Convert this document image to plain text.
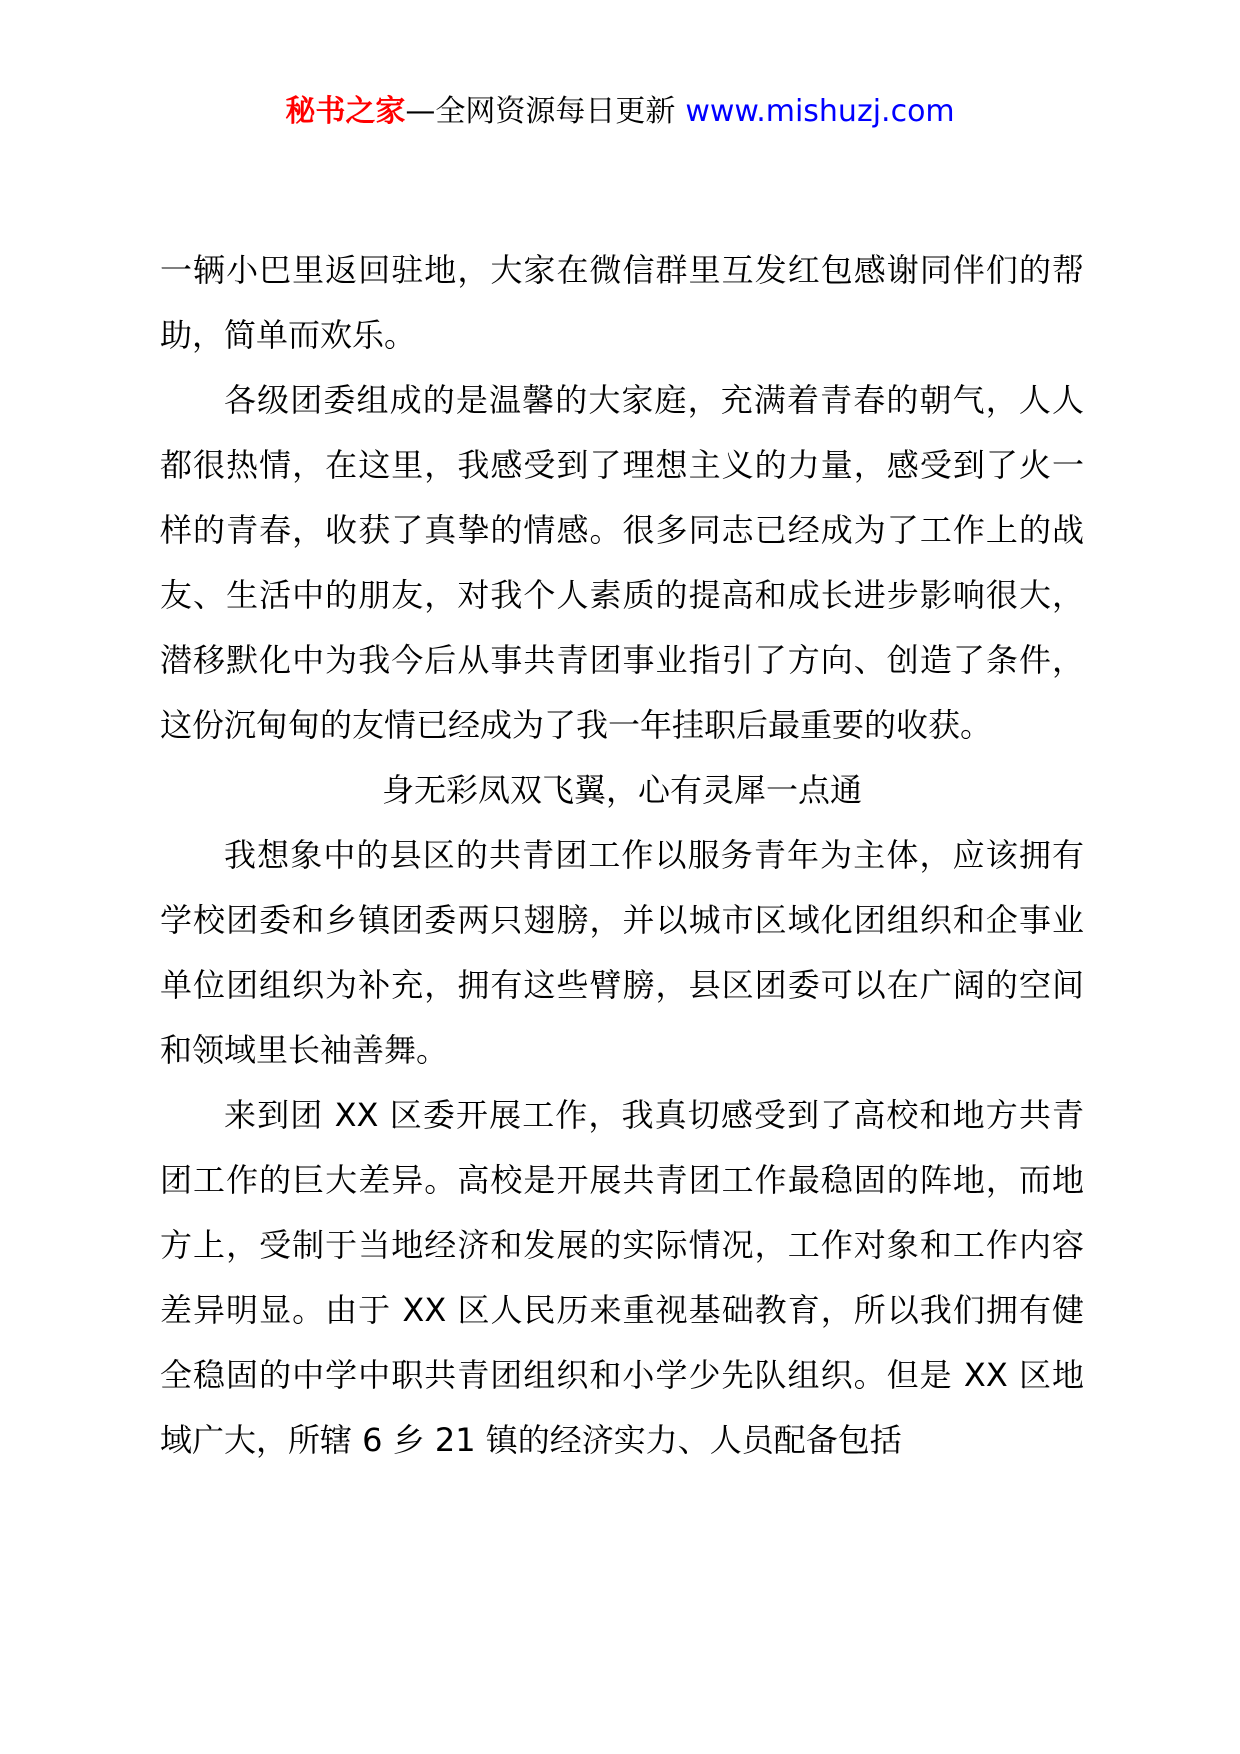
秘书之家—全网资源每日更新 www.mishuzj.com

一辆小巴里返回驻地，大家在微信群里互发红包感谢同伴们的帮助，简单而欢乐。

各级团委组成的是温馨的大家庭，充满着青春的朝气，人人都很热情，在这里，我感受到了理想主义的力量，感受到了火一样的青春，收获了真挚的情感。很多同志已经成为了工作上的战友、生活中的朋友，对我个人素质的提高和成长进步影响很大，潜移默化中为我今后从事共青团事业指引了方向、创造了条件，这份沉甸甸的友情已经成为了我一年挂职后最重要的收获。

身无彩凤双飞翼，心有灵犀一点通

我想象中的县区的共青团工作以服务青年为主体，应该拥有学校团委和乡镇团委两只翅膀，并以城市区域化团组织和企事业单位团组织为补充，拥有这些臂膀，县区团委可以在广阔的空间和领域里长袖善舞。

来到团 XX 区委开展工作，我真切感受到了高校和地方共青团工作的巨大差异。高校是开展共青团工作最稳固的阵地，而地方上，受制于当地经济和发展的实际情况，工作对象和工作内容差异明显。由于 XX 区人民历来重视基础教育，所以我们拥有健全稳固的中学中职共青团组织和小学少先队组织。但是 XX 区地域广大，所辖 6 乡 21 镇的经济实力、人员配备包括
